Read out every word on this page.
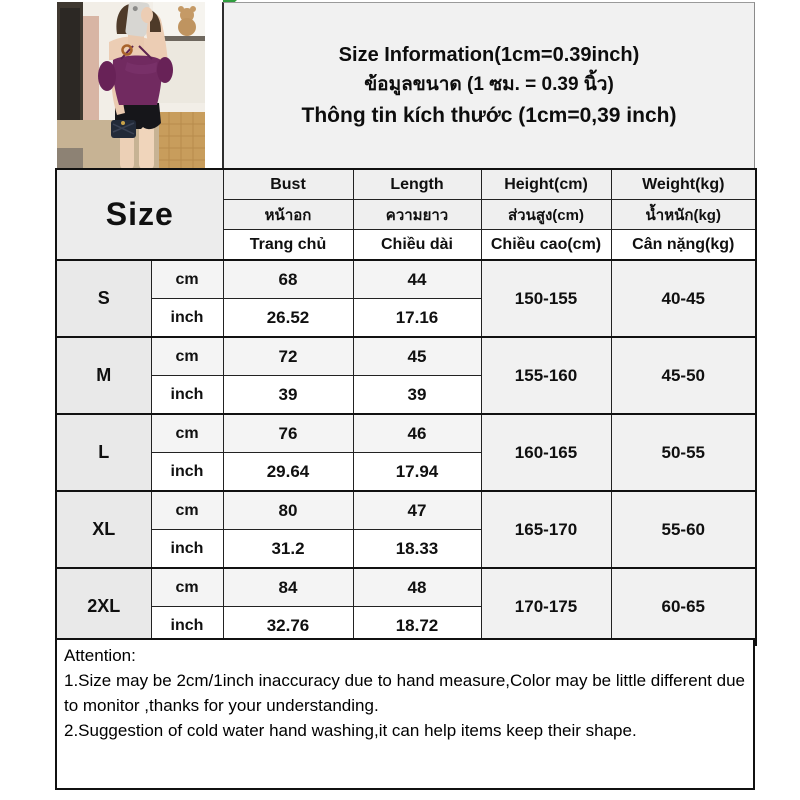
Size Information(1cm=0.39inch)
ข้อมูลขนาด (1 ซม. = 0.39 นิ้ว)
Thông tin kích thước (1cm=0,39 inch)
Size		Bust	Length	Height(cm)	Weight(kg)
		หน้าอก	ความยาว	ส่วนสูง(cm)	น้ำหนัก(kg)
		Trang chủ	Chiều dài	Chiều cao(cm)	Cân nặng(kg)
S	cm	68	44	150-155	40-45
	inch	26.52	17.16		
M	cm	72	45	155-160	45-50
	inch	39	39		
L	cm	76	46	160-165	50-55
	inch	29.64	17.94		
XL	cm	80	47	165-170	55-60
	inch	31.2	18.33		
2XL	cm	84	48	170-175	60-65
	inch	32.76	18.72		
Attention:
1.Size may be 2cm/1inch inaccuracy due to hand measure,Color may be little different due to monitor ,thanks for your understanding.
2.Suggestion of cold water hand washing,it can help items keep their shape.
